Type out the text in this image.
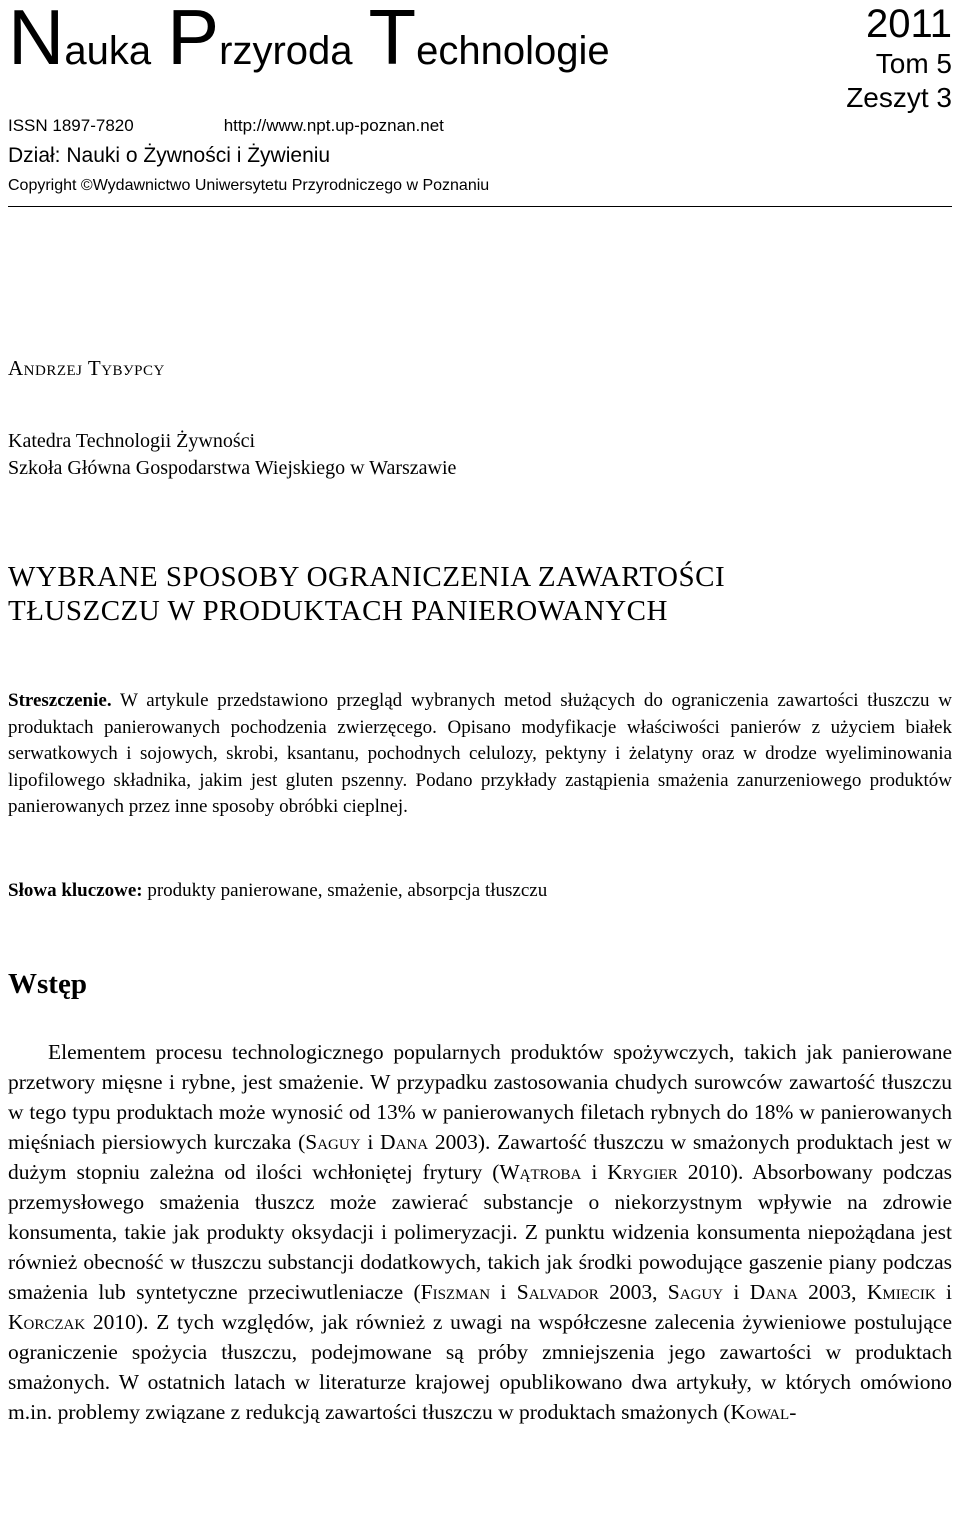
Nauka Przyroda Technologie
2011
Tom 5
Zeszyt 3
ISSN 1897-7820	http://www.npt.up-poznan.net
Dział: Nauki o Żywności i Żywieniu
Copyright ©Wydawnictwo Uniwersytetu Przyrodniczego w Poznaniu
Andrzej Tybурcy
Katedra Technologii Żywności
Szkoła Główna Gospodarstwa Wiejskiego w Warszawie
WYBRANE SPOSOBY OGRANICZENIA ZAWARTOŚCI
TŁUSZCZU W PRODUKTACH PANIEROWANYCH
Streszczenie. W artykule przedstawiono przegląd wybranych metod służących do ograniczenia zawartości tłuszczu w produktach panierowanych pochodzenia zwierzęcego. Opisano modyfikacje właściwości panierów z użyciem białek serwatkowych i sojowych, skrobi, ksantanu, pochodnych celulozy, pektyny i żelatyny oraz w drodze wyeliminowania lipofilowego składnika, jakim jest gluten pszenny. Podano przykłady zastąpienia smażenia zanurzeniowego produktów panierowanych przez inne sposoby obróbki cieplnej.
Słowa kluczowe: produkty panierowane, smażenie, absorpcja tłuszczu
Wstęp

Elementem procesu technologicznego popularnych produktów spożywczych, takich jak panierowane przetwory mięsne i rybne, jest smażenie. W przypadku zastosowania chudych surowców zawartość tłuszczu w tego typu produktach może wynosić od 13% w panierowanych filetach rybnych do 18% w panierowanych mięśniach piersiowych kurczaka (Saguy i Dana 2003). Zawartość tłuszczu w smażonych produktach jest w dużym stopniu zależna od ilości wchłoniętej frytury (Wątroba i Krygier 2010). Absorbowany podczas przemysłowego smażenia tłuszcz może zawierać substancje o niekorzystnym wpływie na zdrowie konsumenta, takie jak produkty oksydacji i polimeryzacji. Z punktu widzenia konsumenta niepożądana jest również obecność w tłuszczu substancji dodatkowych, takich jak środki powodujące gaszenie piany podczas smażenia lub syntetyczne przeciwutleniacze (Fiszman i Salvador 2003, Saguy i Dana 2003, Kmiecik i Korczak 2010). Z tych względów, jak również z uwagi na współczesne zalecenia żywieniowe postulujące ograniczenie spożycia tłuszczu, podejmowane są próby zmniejszenia jego zawartości w produktach smażonych. W ostatnich latach w literaturze krajowej opublikowano dwa artykuły, w których omówiono m.in. problemy związane z redukcją zawartości tłuszczu w produktach smażonych (Kowal-
